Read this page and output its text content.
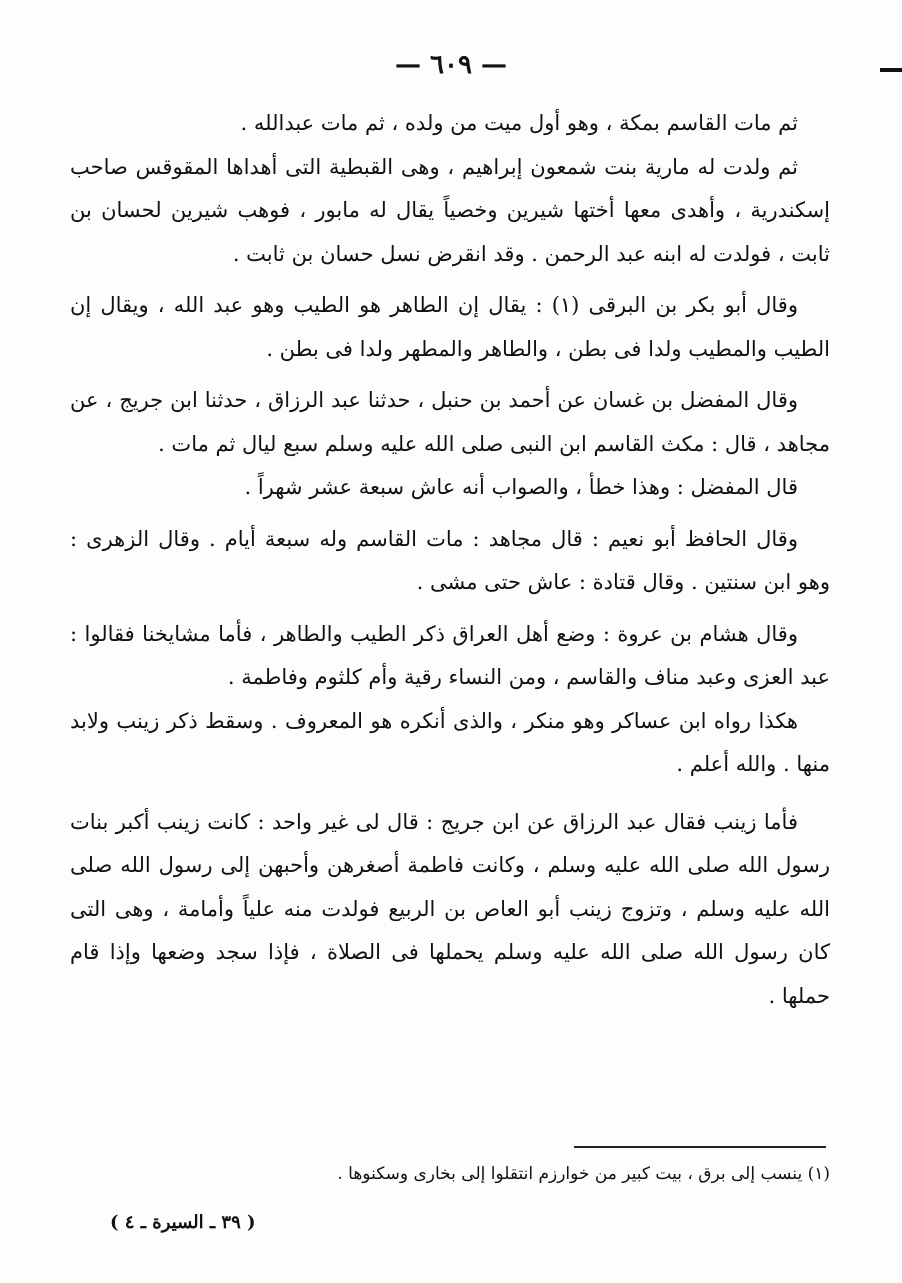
— ٦٠٩ —

ثم مات القاسم بمكة ، وهو أول ميت من ولده ، ثم مات عبدالله .

ثم ولدت له مارية بنت شمعون إبراهيم ، وهى القبطية التى أهداها المقوقس صاحب إسكندرية ، وأهدى معها أختها شيرين وخصياً يقال له مابور ، فوهب شيرين لحسان بن ثابت ، فولدت له ابنه عبد الرحمن . وقد انقرض نسل حسان بن ثابت .

وقال أبو بكر بن البرقى (١) : يقال إن الطاهر هو الطيب وهو عبد الله ، ويقال إن الطيب والمطيب ولدا فى بطن ، والطاهر والمطهر ولدا فى بطن .

وقال المفضل بن غسان عن أحمد بن حنبل ، حدثنا عبد الرزاق ، حدثنا ابن جريج ، عن مجاهد ، قال : مكث القاسم ابن النبى صلى الله عليه وسلم سبع ليال ثم مات .

قال المفضل : وهذا خطأ ، والصواب أنه عاش سبعة عشر شهراً .

وقال الحافظ أبو نعيم : قال مجاهد : مات القاسم وله سبعة أيام . وقال الزهرى : وهو ابن سنتين . وقال قتادة : عاش حتى مشى .

وقال هشام بن عروة : وضع أهل العراق ذكر الطيب والطاهر ، فأما مشايخنا فقالوا : عبد العزى وعبد مناف والقاسم ، ومن النساء رقية وأم كلثوم وفاطمة .

هكذا رواه ابن عساكر وهو منكر ، والذى أنكره هو المعروف . وسقط ذكر زينب ولابد منها . والله أعلم .

فأما زينب فقال عبد الرزاق عن ابن جريج : قال لى غير واحد : كانت زينب أكبر بنات رسول الله صلى الله عليه وسلم ، وكانت فاطمة أصغرهن وأحبهن إلى رسول الله صلى الله عليه وسلم ، وتزوج زينب أبو العاص بن الربيع فولدت منه علياً وأمامة ، وهى التى كان رسول الله صلى الله عليه وسلم يحملها فى الصلاة ، فإذا سجد وضعها وإذا قام حملها .

(١) ينسب إلى برق ، بيت كبير من خوارزم انتقلوا إلى بخارى وسكنوها .
( ٣٩ ـ السيرة ـ ٤ )
